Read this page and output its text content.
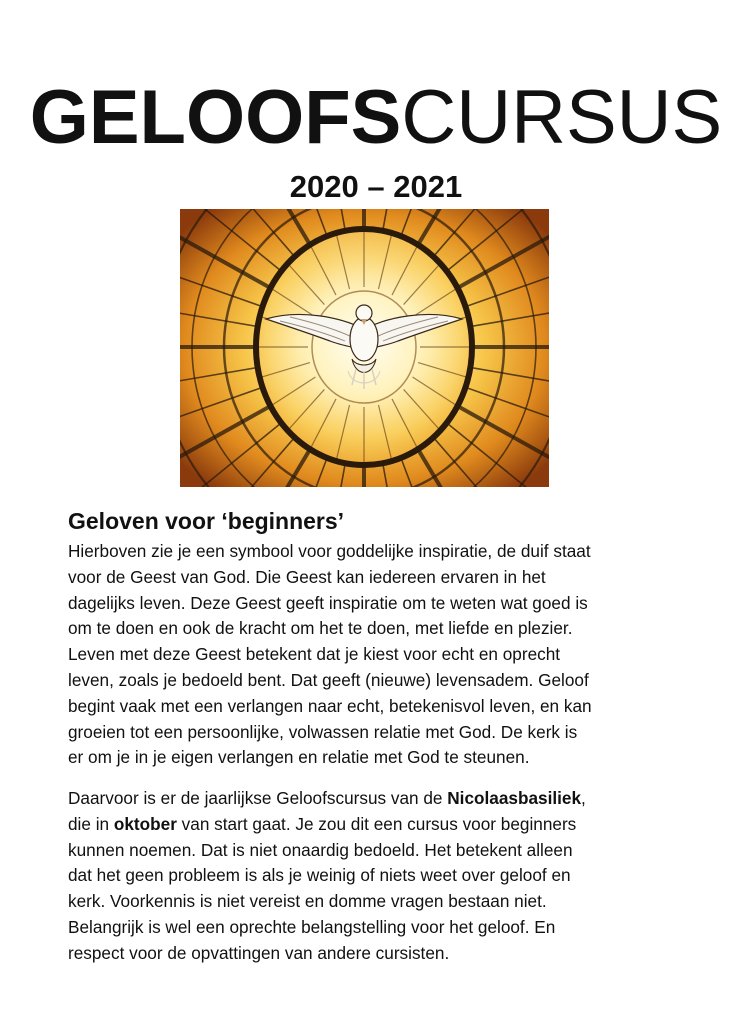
GELOOFSCURSUS
2020 – 2021
Geloven voor ‘beginners’
Hierboven zie je een symbool voor goddelijke inspiratie, de duif staat
voor de Geest van God. Die Geest kan iedereen ervaren in het
dagelijks leven. Deze Geest geeft inspiratie om te weten wat goed is
om te doen en ook de kracht om het te doen, met liefde en plezier.
Leven met deze Geest betekent dat je kiest voor echt en oprecht
leven, zoals je bedoeld bent. Dat geeft (nieuwe) levensadem. Geloof
begint vaak met een verlangen naar echt, betekenisvol leven, en kan
groeien tot een persoonlijke, volwassen relatie met God. De kerk is
er om je in je eigen verlangen en relatie met God te steunen.
Daarvoor is er de jaarlijkse Geloofscursus van de Nicolaasbasiliek,
die in oktober van start gaat. Je zou dit een cursus voor beginners
kunnen noemen. Dat is niet onaardig bedoeld. Het betekent alleen
dat het geen probleem is als je weinig of niets weet over geloof en
kerk. Voorkennis is niet vereist en domme vragen bestaan niet.
Belangrijk is wel een oprechte belangstelling voor het geloof. En
respect voor de opvattingen van andere cursisten.
